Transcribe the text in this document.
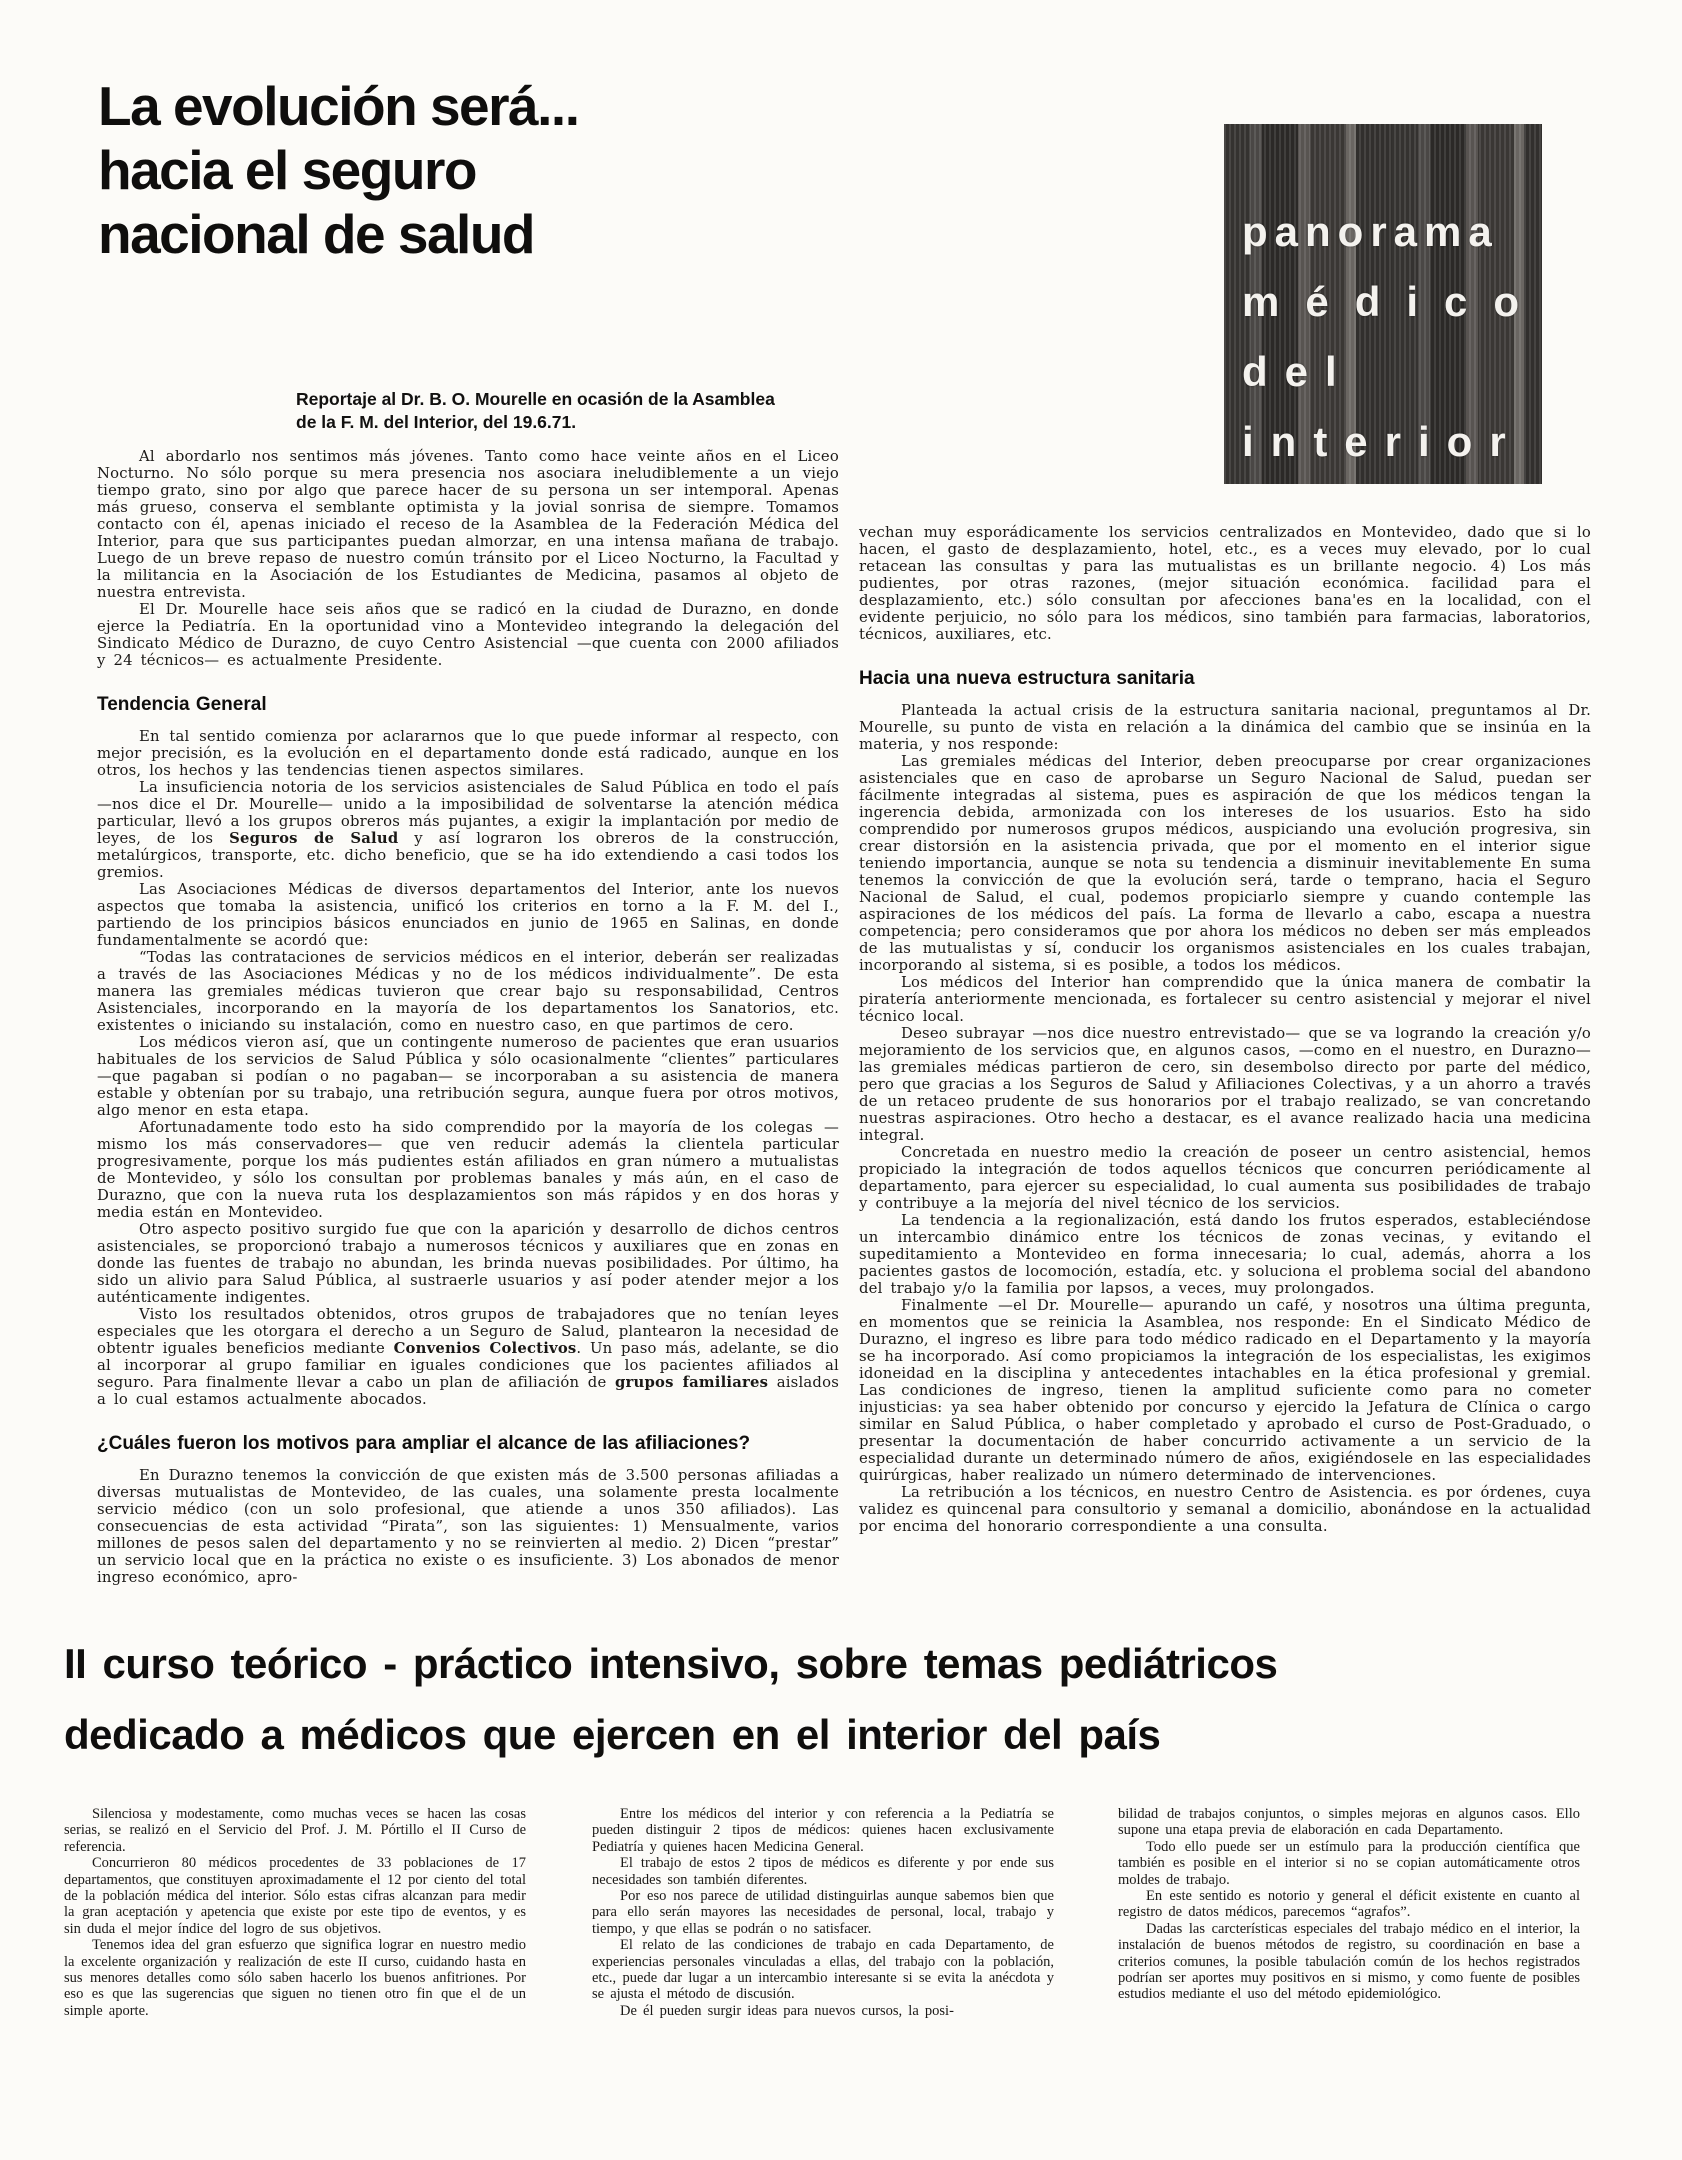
La evolución será...
hacia el seguro
nacional de salud	panorama
médico
del
interior
Reportaje al Dr. B. O. Mourelle en ocasión de la Asamblea
de la F. M. del Interior, del 19.6.71.

Al abordarlo nos sentimos más jóvenes. Tanto como hace veinte años en el Liceo Nocturno. No sólo porque su mera presencia nos asociara ineludiblemente a un viejo tiempo grato, sino por algo que parece hacer de su persona un ser intemporal. Apenas más grueso, conserva el semblante optimista y la jovial sonrisa de siempre. Tomamos contacto con él, apenas iniciado el receso de la Asamblea de la Federación Médica del Interior, para que sus participantes puedan almorzar, en una intensa mañana de trabajo. Luego de un breve repaso de nuestro común tránsito por el Liceo Nocturno, la Facultad y la militancia en la Asociación de los Estudiantes de Medicina, pasamos al objeto de nuestra entrevista.

El Dr. Mourelle hace seis años que se radicó en la ciudad de Durazno, en donde ejerce la Pediatría. En la oportunidad vino a Montevideo integrando la delegación del Sindicato Médico de Durazno, de cuyo Centro Asistencial —que cuenta con 2000 afiliados y 24 técnicos— es actualmente Presidente.

Tendencia General

En tal sentido comienza por aclararnos que lo que puede informar al respecto, con mejor precisión, es la evolución en el departamento donde está radicado, aunque en los otros, los hechos y las tendencias tienen aspectos similares.

La insuficiencia notoria de los servicios asistenciales de Salud Pública en todo el país —nos dice el Dr. Mourelle— unido a la imposibilidad de solventarse la atención médica particular, llevó a los grupos obreros más pujantes, a exigir la implantación por medio de leyes, de los Seguros de Salud y así lograron los obreros de la construcción, metalúrgicos, transporte, etc. dicho beneficio, que se ha ido extendiendo a casi todos los gremios.

Las Asociaciones Médicas de diversos departamentos del Interior, ante los nuevos aspectos que tomaba la asistencia, unificó los criterios en torno a la F. M. del I., partiendo de los principios básicos enunciados en junio de 1965 en Salinas, en donde fundamentalmente se acordó que:

“Todas las contrataciones de servicios médicos en el interior, deberán ser realizadas a través de las Asociaciones Médicas y no de los médicos individualmente”. De esta manera las gremiales médicas tuvieron que crear bajo su responsabilidad, Centros Asistenciales, incorporando en la mayoría de los departamentos los Sanatorios, etc. existentes o iniciando su instalación, como en nuestro caso, en que partimos de cero.

Los médicos vieron así, que un contingente numeroso de pacientes que eran usuarios habituales de los servicios de Salud Pública y sólo ocasionalmente “clientes” particulares —que pagaban si podían o no pagaban— se incorporaban a su asistencia de manera estable y obtenían por su trabajo, una retribución segura, aunque fuera por otros motivos, algo menor en esta etapa.

Afortunadamente todo esto ha sido comprendido por la mayoría de los colegas —mismo los más conservadores— que ven reducir además la clientela particular progresivamente, porque los más pudientes están afiliados en gran número a mutualistas de Montevideo, y sólo los consultan por problemas banales y más aún, en el caso de Durazno, que con la nueva ruta los desplazamientos son más rápidos y en dos horas y media están en Montevideo.

Otro aspecto positivo surgido fue que con la aparición y desarrollo de dichos centros asistenciales, se proporcionó trabajo a numerosos técnicos y auxiliares que en zonas en donde las fuentes de trabajo no abundan, les brinda nuevas posibilidades. Por último, ha sido un alivio para Salud Pública, al sustraerle usuarios y así poder atender mejor a los auténticamente indigentes.

Visto los resultados obtenidos, otros grupos de trabajadores que no tenían leyes especiales que les otorgara el derecho a un Seguro de Salud, plantearon la necesidad de obtentr iguales beneficios mediante Convenios Colectivos. Un paso más, adelante, se dio al incorporar al grupo familiar en iguales condiciones que los pacientes afiliados al seguro. Para finalmente llevar a cabo un plan de afiliación de grupos familiares aislados a lo cual estamos actualmente abocados.

¿Cuáles fueron los motivos para ampliar el alcance de las afiliaciones?

En Durazno tenemos la convicción de que existen más de 3.500 personas afiliadas a diversas mutualistas de Montevideo, de las cuales, una solamente presta localmente servicio médico (con un solo profesional, que atiende a unos 350 afiliados). Las consecuencias de esta actividad “Pirata”, son las siguientes: 1) Mensualmente, varios millones de pesos salen del departamento y no se reinvierten al medio. 2) Dicen “prestar” un servicio local que en la práctica no existe o es insuficiente. 3) Los abonados de menor ingreso económico, apro-

vechan muy esporádicamente los servicios centralizados en Montevideo, dado que si lo hacen, el gasto de desplazamiento, hotel, etc., es a veces muy elevado, por lo cual retacean las consultas y para las mutualistas es un brillante negocio. 4) Los más pudientes, por otras razones, (mejor situación económica. facilidad para el desplazamiento, etc.) sólo consultan por afecciones bana'es en la localidad, con el evidente perjuicio, no sólo para los médicos, sino también para farmacias, laboratorios, técnicos, auxiliares, etc.

Hacia una nueva estructura sanitaria

Planteada la actual crisis de la estructura sanitaria nacional, preguntamos al Dr. Mourelle, su punto de vista en relación a la dinámica del cambio que se insinúa en la materia, y nos responde:

Las gremiales médicas del Interior, deben preocuparse por crear organizaciones asistenciales que en caso de aprobarse un Seguro Nacional de Salud, puedan ser fácilmente integradas al sistema, pues es aspiración de que los médicos tengan la ingerencia debida, armonizada con los intereses de los usuarios. Esto ha sido comprendido por numerosos grupos médicos, auspiciando una evolución progresiva, sin crear distorsión en la asistencia privada, que por el momento en el interior sigue teniendo importancia, aunque se nota su tendencia a disminuir inevitablemente En suma tenemos la convicción de que la evolución será, tarde o temprano, hacia el Seguro Nacional de Salud, el cual, podemos propiciarlo siempre y cuando contemple las aspiraciones de los médicos del país. La forma de llevarlo a cabo, escapa a nuestra competencia; pero consideramos que por ahora los médicos no deben ser más empleados de las mutualistas y sí, conducir los organismos asistenciales en los cuales trabajan, incorporando al sistema, si es posible, a todos los médicos.

Los médicos del Interior han comprendido que la única manera de combatir la piratería anteriormente mencionada, es fortalecer su centro asistencial y mejorar el nivel técnico local.

Deseo subrayar —nos dice nuestro entrevistado— que se va logrando la creación y/o mejoramiento de los servicios que, en algunos casos, —como en el nuestro, en Durazno— las gremiales médicas partieron de cero, sin desembolso directo por parte del médico, pero que gracias a los Seguros de Salud y Afiliaciones Colectivas, y a un ahorro a través de un retaceo prudente de sus honorarios por el trabajo realizado, se van concretando nuestras aspiraciones. Otro hecho a destacar, es el avance realizado hacia una medicina integral.

Concretada en nuestro medio la creación de poseer un centro asistencial, hemos propiciado la integración de todos aquellos técnicos que concurren periódicamente al departamento, para ejercer su especialidad, lo cual aumenta sus posibilidades de trabajo y contribuye a la mejoría del nivel técnico de los servicios.

La tendencia a la regionalización, está dando los frutos esperados, estableciéndose un intercambio dinámico entre los técnicos de zonas vecinas, y evitando el supeditamiento a Montevideo en forma innecesaria; lo cual, además, ahorra a los pacientes gastos de locomoción, estadía, etc. y soluciona el problema social del abandono del trabajo y/o la familia por lapsos, a veces, muy prolongados.

Finalmente —el Dr. Mourelle— apurando un café, y nosotros una última pregunta, en momentos que se reinicia la Asamblea, nos responde: En el Sindicato Médico de Durazno, el ingreso es libre para todo médico radicado en el Departamento y la mayoría se ha incorporado. Así como propiciamos la integración de los especialistas, les exigimos idoneidad en la disciplina y antecedentes intachables en la ética profesional y gremial. Las condiciones de ingreso, tienen la amplitud suficiente como para no cometer injusticias: ya sea haber obtenido por concurso y ejercido la Jefatura de Clínica o cargo similar en Salud Pública, o haber completado y aprobado el curso de Post-Graduado, o presentar la documentación de haber concurrido activamente a un servicio de la especialidad durante un determinado número de años, exigiéndosele en las especialidades quirúrgicas, haber realizado un número determinado de intervenciones.

La retribución a los técnicos, en nuestro Centro de Asistencia. es por órdenes, cuya validez es quincenal para consultorio y semanal a domicilio, abonándose en la actualidad por encima del honorario correspondiente a una consulta.

II curso teórico - práctico intensivo, sobre temas pediátricos
dedicado a médicos que ejercen en el interior del país

Silenciosa y modestamente, como muchas veces se hacen las cosas serias, se realizó en el Servicio del Prof. J. M. Pórtillo el II Curso de referencia.

Concurrieron 80 médicos procedentes de 33 poblaciones de 17 departamentos, que constituyen aproximadamente el 12 por ciento del total de la población médica del interior. Sólo estas cifras alcanzan para medir la gran aceptación y apetencia que existe por este tipo de eventos, y es sin duda el mejor índice del logro de sus objetivos.

Tenemos idea del gran esfuerzo que significa lograr en nuestro medio la excelente organización y realización de este II curso, cuidando hasta en sus menores detalles como sólo saben hacerlo los buenos anfitriones. Por eso es que las sugerencias que siguen no tienen otro fin que el de un simple aporte.

Entre los médicos del interior y con referencia a la Pediatría se pueden distinguir 2 tipos de médicos: quienes hacen exclusivamente Pediatría y quienes hacen Medicina General.

El trabajo de estos 2 tipos de médicos es diferente y por ende sus necesidades son también diferentes.

Por eso nos parece de utilidad distinguirlas aunque sabemos bien que para ello serán mayores las necesidades de personal, local, trabajo y tiempo, y que ellas se podrán o no satisfacer.

El relato de las condiciones de trabajo en cada Departamento, de experiencias personales vinculadas a ellas, del trabajo con la población, etc., puede dar lugar a un intercambio interesante si se evita la anécdota y se ajusta el método de discusión.

De él pueden surgir ideas para nuevos cursos, la posi-

bilidad de trabajos conjuntos, o simples mejoras en algunos casos. Ello supone una etapa previa de elaboración en cada Departamento.

Todo ello puede ser un estímulo para la producción científica que también es posible en el interior si no se copian automáticamente otros moldes de trabajo.

En este sentido es notorio y general el déficit existente en cuanto al registro de datos médicos, parecemos “agrafos”.

Dadas las carcterísticas especiales del trabajo médico en el interior, la instalación de buenos métodos de registro, su coordinación en base a criterios comunes, la posible tabulación común de los hechos registrados podrían ser aportes muy positivos en si mismo, y como fuente de posibles estudios mediante el uso del método epidemiológico.
